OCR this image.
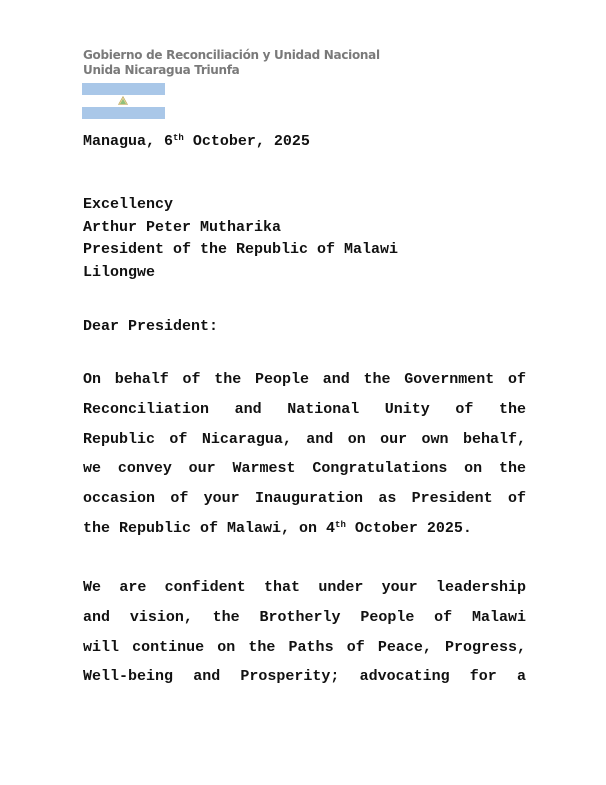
Gobierno de Reconciliación y Unidad Nacional
Unida Nicaragua Triunfa
Managua, 6th October, 2025
Excellency
Arthur Peter Mutharika
President of the Republic of Malawi
Lilongwe
Dear President:
On behalf of the People and the Government of
Reconciliation and National Unity of the
Republic of Nicaragua, and on our own behalf,
we convey our Warmest Congratulations on the
occasion of your Inauguration as President of
the Republic of Malawi, on 4th October 2025.
We are confident that under your leadership
and vision, the Brotherly People of Malawi
will continue on the Paths of Peace, Progress,
Well-being and Prosperity; advocating for a
